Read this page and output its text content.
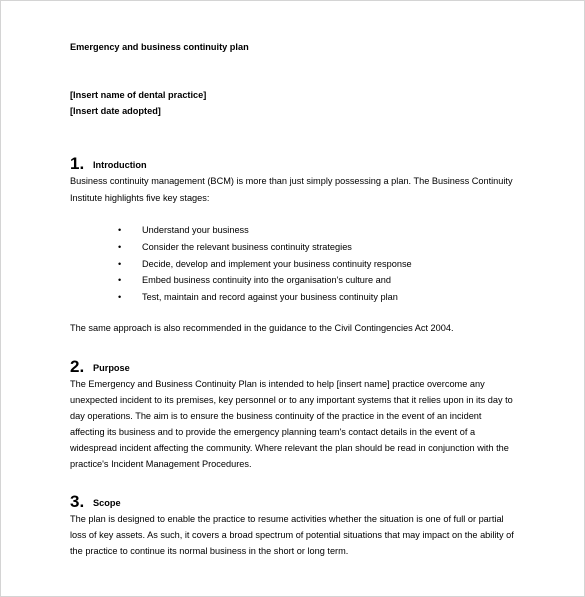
Emergency and business continuity plan
[Insert name of dental practice]
[Insert date adopted]
1. Introduction
Business continuity management (BCM) is more than just simply possessing a plan. The Business Continuity
Institute highlights five key stages:
• Understand your business
• Consider the relevant business continuity strategies
• Decide, develop and implement your business continuity response
• Embed business continuity into the organisation's culture and
• Test, maintain and record against your business continuity plan
The same approach is also recommended in the guidance to the Civil Contingencies Act 2004.
2. Purpose
The Emergency and Business Continuity Plan is intended to help [insert name] practice overcome any
unexpected incident to its premises, key personnel or to any important systems that it relies upon in its day to
day operations. The aim is to ensure the business continuity of the practice in the event of an incident
affecting its business and to provide the emergency planning team's contact details in the event of a
widespread incident affecting the community. Where relevant the plan should be read in conjunction with the
practice's Incident Management Procedures.
3. Scope
The plan is designed to enable the practice to resume activities whether the situation is one of full or partial
loss of key assets. As such, it covers a broad spectrum of potential situations that may impact on the ability of
the practice to continue its normal business in the short or long term.
